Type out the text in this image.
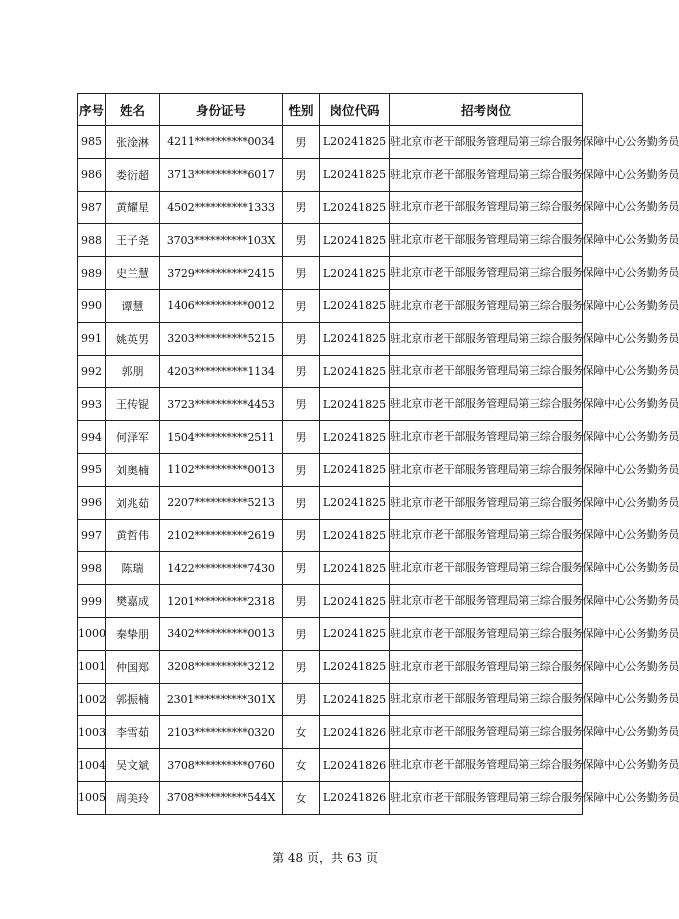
序号	姓名	身份证号	性别	岗位代码	招考岗位
985	张淦淋	4211**********0034	男	L20241825	驻北京市老干部服务管理局第三综合服务保障中心公务勤务员
986	娄衍超	3713**********6017	男	L20241825	驻北京市老干部服务管理局第三综合服务保障中心公务勤务员
987	黄耀星	4502**********1333	男	L20241825	驻北京市老干部服务管理局第三综合服务保障中心公务勤务员
988	王子尧	3703**********103X	男	L20241825	驻北京市老干部服务管理局第三综合服务保障中心公务勤务员
989	史兰慧	3729**********2415	男	L20241825	驻北京市老干部服务管理局第三综合服务保障中心公务勤务员
990	谭慧	1406**********0012	男	L20241825	驻北京市老干部服务管理局第三综合服务保障中心公务勤务员
991	姚英男	3203**********5215	男	L20241825	驻北京市老干部服务管理局第三综合服务保障中心公务勤务员
992	郭朋	4203**********1134	男	L20241825	驻北京市老干部服务管理局第三综合服务保障中心公务勤务员
993	王传锟	3723**********4453	男	L20241825	驻北京市老干部服务管理局第三综合服务保障中心公务勤务员
994	何泽军	1504**********2511	男	L20241825	驻北京市老干部服务管理局第三综合服务保障中心公务勤务员
995	刘奥楠	1102**********0013	男	L20241825	驻北京市老干部服务管理局第三综合服务保障中心公务勤务员
996	刘兆茹	2207**********5213	男	L20241825	驻北京市老干部服务管理局第三综合服务保障中心公务勤务员
997	黄哲伟	2102**********2619	男	L20241825	驻北京市老干部服务管理局第三综合服务保障中心公务勤务员
998	陈瑞	1422**********7430	男	L20241825	驻北京市老干部服务管理局第三综合服务保障中心公务勤务员
999	樊嘉成	1201**********2318	男	L20241825	驻北京市老干部服务管理局第三综合服务保障中心公务勤务员
1000	秦挚朋	3402**********0013	男	L20241825	驻北京市老干部服务管理局第三综合服务保障中心公务勤务员
1001	仲国郑	3208**********3212	男	L20241825	驻北京市老干部服务管理局第三综合服务保障中心公务勤务员
1002	郭振楠	2301**********301X	男	L20241825	驻北京市老干部服务管理局第三综合服务保障中心公务勤务员
1003	李雪茹	2103**********0320	女	L20241826	驻北京市老干部服务管理局第三综合服务保障中心公务勤务员
1004	吴文斌	3708**********0760	女	L20241826	驻北京市老干部服务管理局第三综合服务保障中心公务勤务员
1005	周美玲	3708**********544X	女	L20241826	驻北京市老干部服务管理局第三综合服务保障中心公务勤务员
第 48 页，共 63 页
